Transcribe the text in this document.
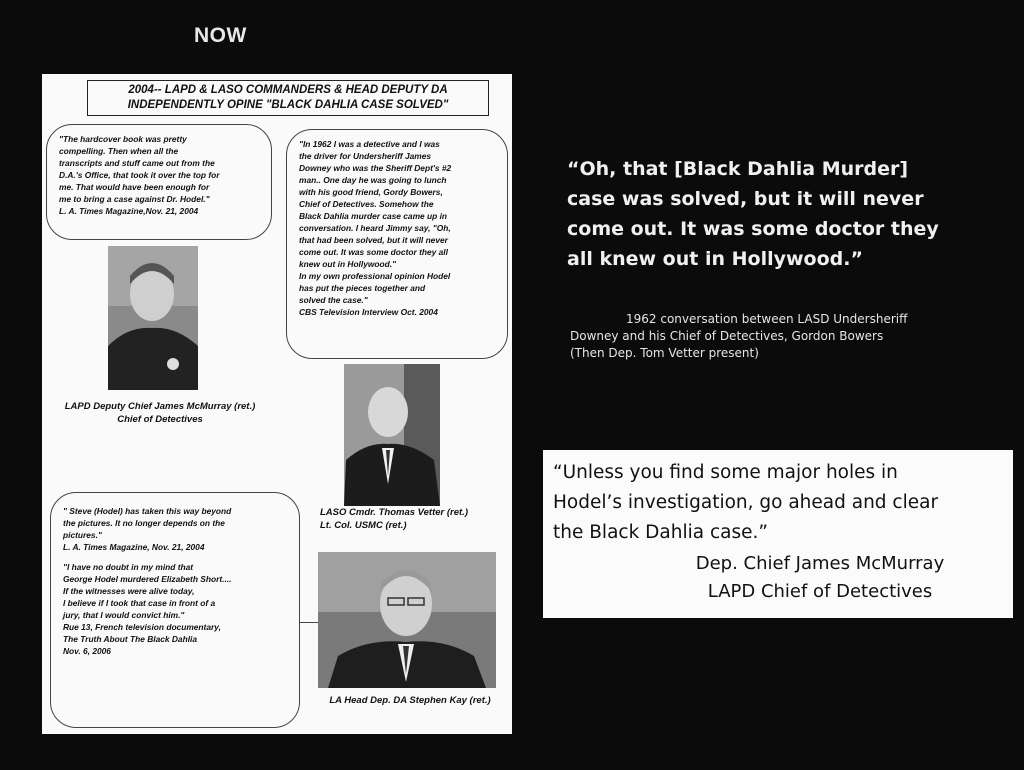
NOW
2004-- LAPD & LASO COMMANDERS & HEAD DEPUTY DA
INDEPENDENTLY OPINE "BLACK DAHLIA CASE SOLVED"
"The hardcover book was pretty
compelling. Then when all the
transcripts and stuff came out from the
D.A.'s Office, that took it over the top for
me. That would have been enough for
me to bring a case against Dr. Hodel."
L. A. Times Magazine,Nov. 21, 2004
"In 1962 I was a detective and I was
the driver for Undersheriff James
Downey who was the Sheriff Dept's #2
man.. One day he was going to lunch
with his good friend, Gordy Bowers,
Chief of Detectives. Somehow the
Black Dahlia murder case came up in
conversation. I heard Jimmy say, "Oh,
that had been solved, but it will never
come out. It was some doctor they all
knew out in Hollywood."
In my own professional opinion Hodel
has put the pieces together and
solved the case."
CBS Television Interview Oct. 2004
LAPD Deputy Chief James McMurray (ret.)
Chief of Detectives
LASO Cmdr. Thomas Vetter (ret.)
Lt. Col. USMC (ret.)
" Steve (Hodel) has taken this way beyond
the pictures. It no longer depends on the
pictures."
L. A. Times Magazine, Nov. 21, 2004
"I have no doubt in my mind that
George Hodel murdered Elizabeth Short....
If the witnesses were alive today,
I believe if I took that case in front of a
jury, that I would convict him."
Rue 13, French television documentary,
The Truth About The Black Dahlia
Nov. 6, 2006
LA Head Dep. DA Stephen Kay (ret.)
“Oh, that [Black Dahlia Murder]
case was solved, but it will never
come out. It was some doctor they
all knew out in Hollywood.”
1962 conversation between LASD Undersheriff
Downey and his Chief of Detectives, Gordon Bowers
(Then Dep. Tom Vetter present)
“Unless you find some major holes in
Hodel’s investigation, go ahead and clear
the Black Dahlia case.”
Dep. Chief James McMurray
LAPD Chief of Detectives
